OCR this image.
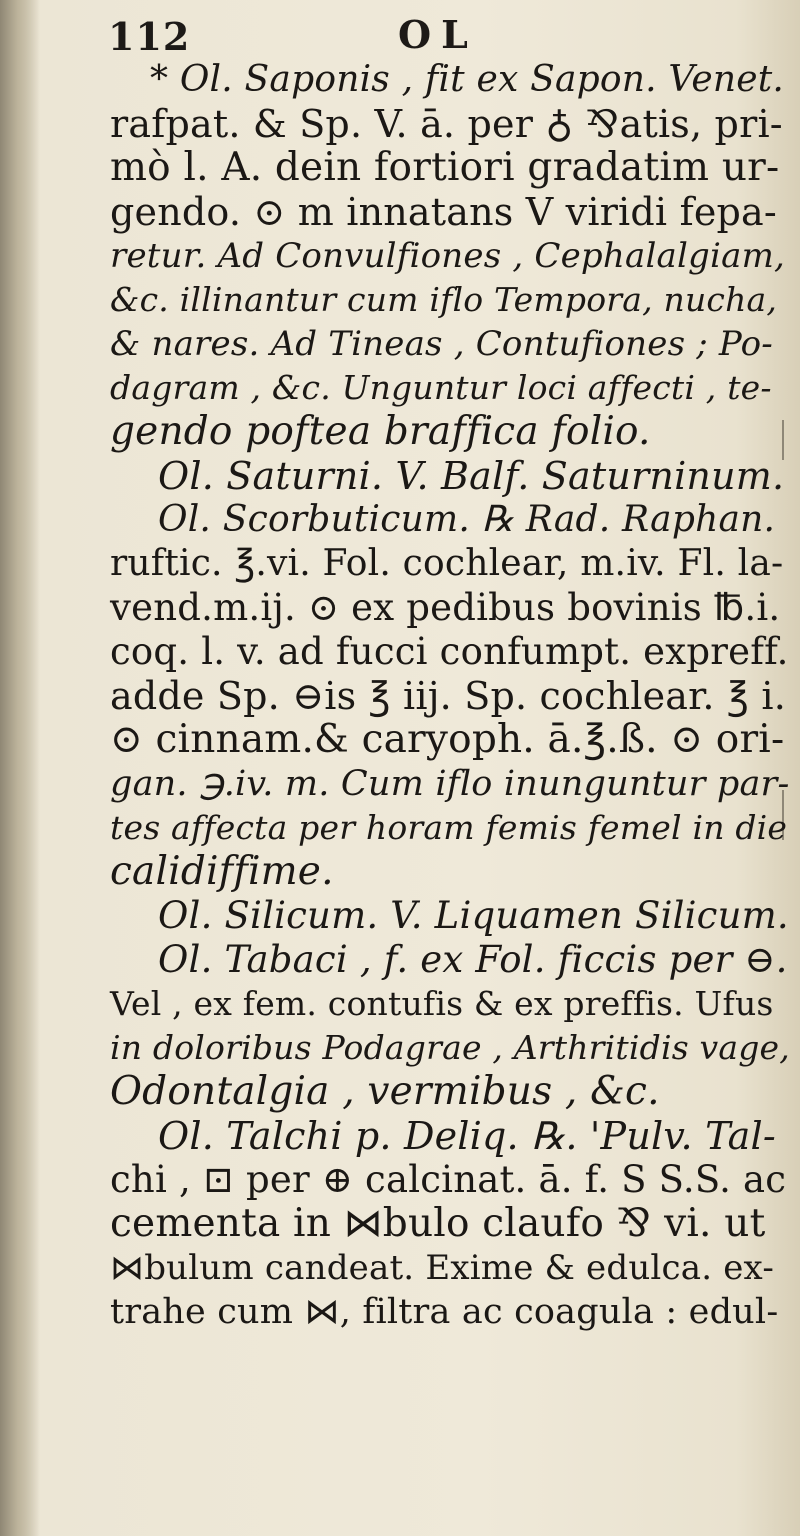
112	OL
* Ol. Saponis , fit ex Sapon. Venet.
rafpat. & Sp. V. ā. per ♁ ⅋atis, pri-
mò l. A. dein fortiori gradatim ur-
gendo. ⊙ m innatans V viridi fepa-
retur. Ad Convulfiones , Cephalalgiam,
&c. illinantur cum iflo Tempora, nucha,
& nares. Ad Tineas , Contufiones ; Po-
dagram , &c. Unguntur loci affecti , te-
gendo poftea braffica folio.
Ol. Saturni. V. Balf. Saturninum.
Ol. Scorbuticum. ℞ Rad. Raphan.
ruftic. ℥.vi. Fol. cochlear, m.iv. Fl. la-
vend.m.ij. ⊙ ex pedibus bovinis ℔.i.
coq. l. v. ad fucci confumpt. expreff.
adde Sp. ⊖is ℥ iij. Sp. cochlear. ℥ i.
⊙ cinnam.& caryoph. ā.℥.ß. ⊙ ori-
gan. ℈.iv. m. Cum iflo inunguntur par-
tes affecta per horam femis femel in die
calidiffime.
Ol. Silicum. V. Liquamen Silicum.
Ol. Tabaci , f. ex Fol. ficcis per ⊖.
Vel , ex fem. contufis & ex preffis. Ufus
in doloribus Podagrae , Arthritidis vage,
Odontalgia , vermibus , &c.
Ol. Talchi p. Deliq. ℞. 'Pulv. Tal-
chi , ⊡ per ⊕ calcinat. ā. f. S S.S. ac
cementa in ⋈bulo claufo ⅋ vi. ut
⋈bulum candeat. Exime & edulca. ex-
trahe cum ⋈, filtra ac coagula : edul-
